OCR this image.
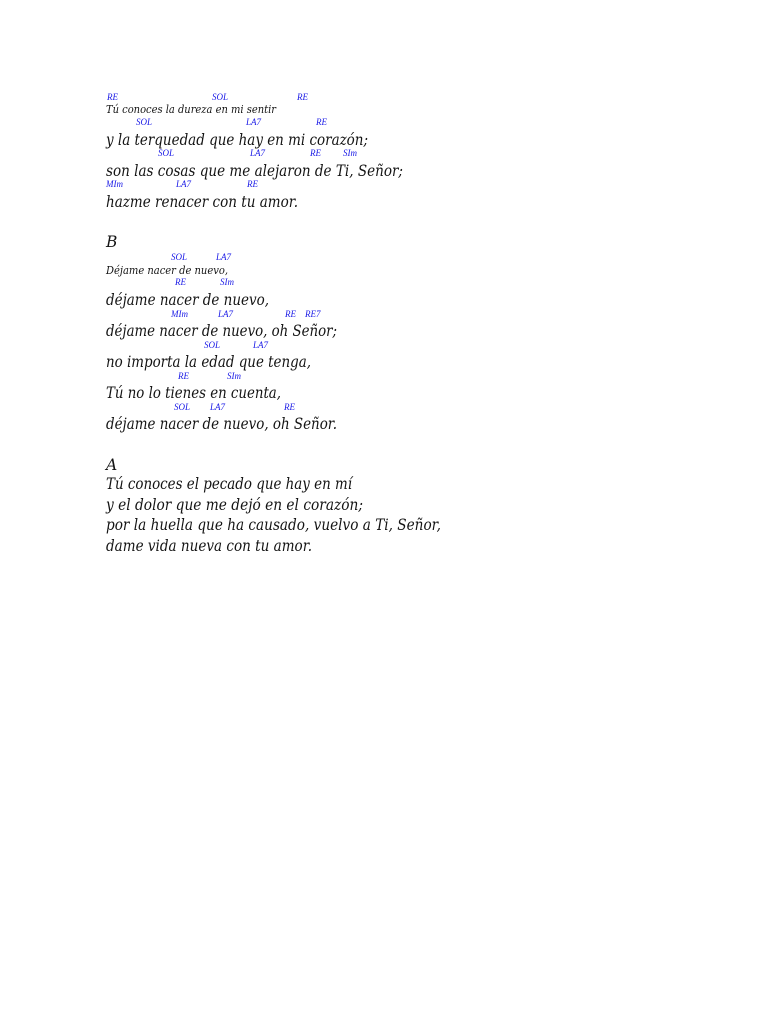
RE	SOL	RE
Tú conoces la dureza en mi sentir
SOL	LA7	RE
y la terquedad que hay en mi corazón;
SOL	LA7	RE SIm
son las cosas que me alejaron de Ti, Señor;
MIm	LA7	RE
hazme renacer con tu amor.
B
SOL	LA7
Déjame nacer de nuevo,
RE	SIm
déjame nacer de nuevo,
MIm	LA7	RE RE7
déjame nacer de nuevo, oh Señor;
SOL	LA7
no importa la edad que tenga,
RE	SIm
Tú no lo tienes en cuenta,
SOL LA7	RE
déjame nacer de nuevo, oh Señor.
A
Tú conoces el pecado que hay en mí
y el dolor que me dejó en el corazón;
por la huella que ha causado, vuelvo a Ti, Señor,
dame vida nueva con tu amor.
